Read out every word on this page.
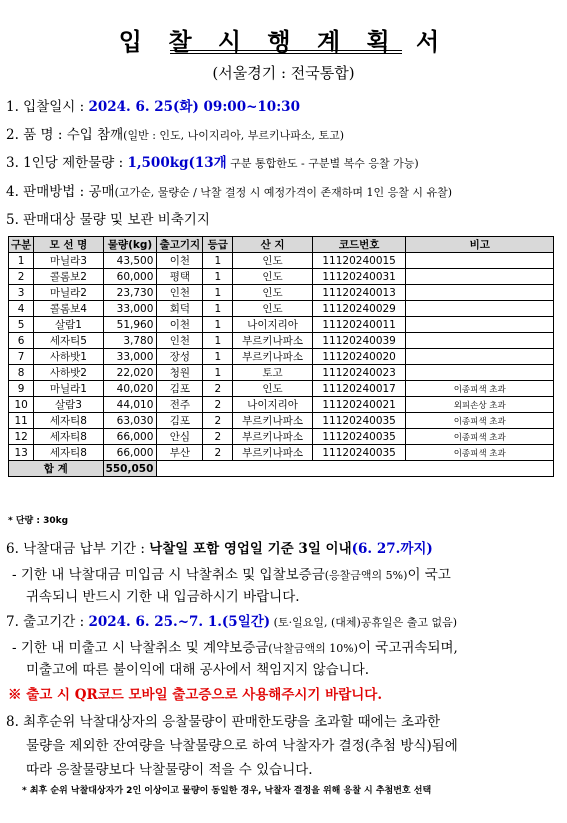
입 찰 시 행 계 획 서
(서울경기 : 전국통합)
1. 입찰일시 : 2024. 6. 25(화) 09:00~10:30
2. 품 명 : 수입 참깨(일반 : 인도, 나이지리아, 부르키나파소, 토고)
3. 1인당 제한물량 : 1,500kg(13개 구분 통합한도 - 구분별 복수 응찰 가능)
4. 판매방법 : 공매(고가순, 물량순 / 낙찰 결정 시 예정가격이 존재하며 1인 응찰 시 유찰)
5. 판매대상 물량 및 보관 비축기지
구분	모 선 명	물량(kg)	출고기지	등급	산 지	코드번호	비고
1	마닐라3	43,500	이천	1	인도	11120240015	
2	콜롬보2	60,000	평택	1	인도	11120240031	
3	마닐라2	23,730	인천	1	인도	11120240013	
4	콜롬보4	33,000	회덕	1	인도	11120240029	
5	살람1	51,960	이천	1	나이지리아	11120240011	
6	세자티5	3,780	인천	1	부르키나파소	11120240039	
7	사하밧1	33,000	장성	1	부르키나파소	11120240020	
8	사하밧2	22,020	청원	1	토고	11120240023	
9	마닐라1	40,020	김포	2	인도	11120240017	이종피색 초과
10	살람3	44,010	전주	2	나이지리아	11120240021	외피손상 초과
11	세자티8	63,030	김포	2	부르키나파소	11120240035	이종피색 초과
12	세자티8	66,000	안심	2	부르키나파소	11120240035	이종피색 초과
13	세자티8	66,000	부산	2	부르키나파소	11120240035	이종피색 초과
합 계		550,050					
* 단량 : 30kg
6. 낙찰대금 납부 기간 : 낙찰일 포함 영업일 기준 3일 이내(6. 27.까지)
- 기한 내 낙찰대금 미입금 시 낙찰취소 및 입찰보증금(응찰금액의 5%)이 국고
귀속되니 반드시 기한 내 입금하시기 바랍니다.
7. 출고기간 : 2024. 6. 25.~7. 1.(5일간) (토·일요일, (대체)공휴일은 출고 없음)
- 기한 내 미출고 시 낙찰취소 및 계약보증금(낙찰금액의 10%)이 국고귀속되며,
미출고에 따른 불이익에 대해 공사에서 책임지지 않습니다.
※ 출고 시 QR코드 모바일 출고증으로 사용해주시기 바랍니다.
8. 최후순위 낙찰대상자의 응찰물량이 판매한도량을 초과할 때에는 초과한
물량을 제외한 잔여량을 낙찰물량으로 하여 낙찰자가 결정(추첨 방식)됨에
따라 응찰물량보다 낙찰물량이 적을 수 있습니다.
* 최후 순위 낙찰대상자가 2인 이상이고 물량이 동일한 경우, 낙찰자 결정을 위해 응찰 시 추첨번호 선택
